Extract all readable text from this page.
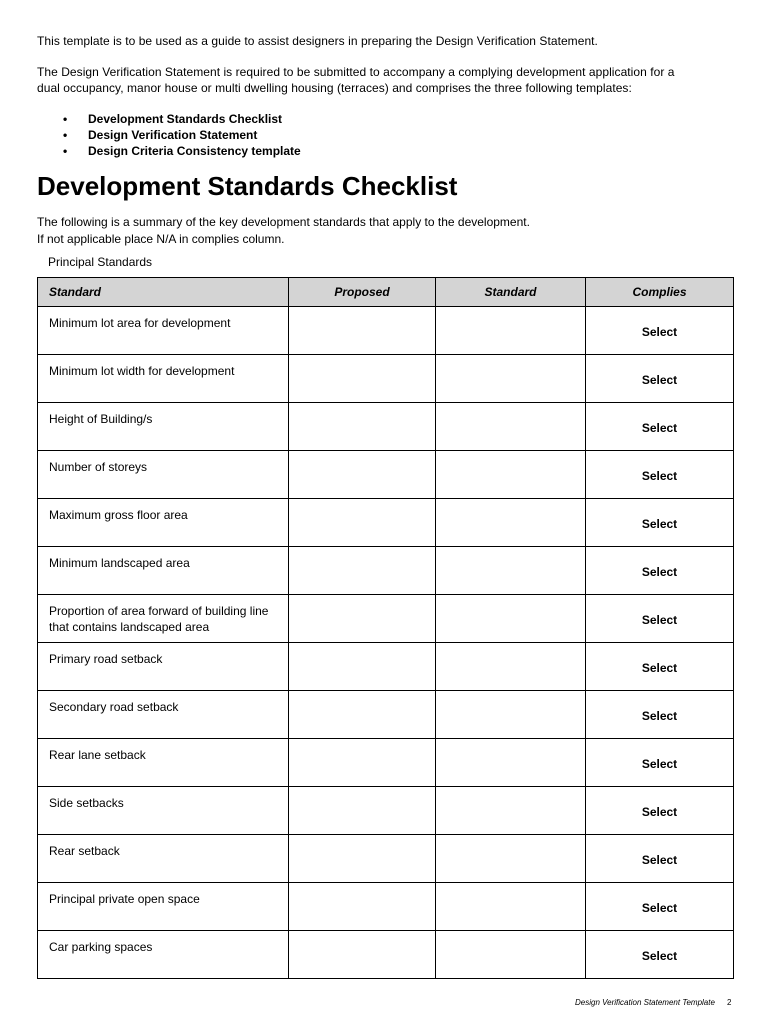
This template is to be used as a guide to assist designers in preparing the Design Verification Statement.

The Design Verification Statement is required to be submitted to accompany a complying development application for a

dual occupancy, manor house or multi dwelling housing (terraces) and comprises the three following templates:

• Development Standards Checklist
• Design Verification Statement
• Design Criteria Consistency template
Development Standards Checklist

The following is a summary of the key development standards that apply to the development.

If not applicable place N/A in complies column.

Principal Standards

Standard	Proposed	Standard	Complies
Minimum lot area for development			Select
Minimum lot width for development			Select
Height of Building/s			Select
Number of storeys			Select
Maximum gross floor area			Select
Minimum landscaped area			Select
Proportion of area forward of building line that contains landscaped area			Select
Primary road setback			Select
Secondary road setback			Select
Rear lane setback			Select
Side setbacks			Select
Rear setback			Select
Principal private open space			Select
Car parking spaces			Select

Design Verification Statement Template 2
